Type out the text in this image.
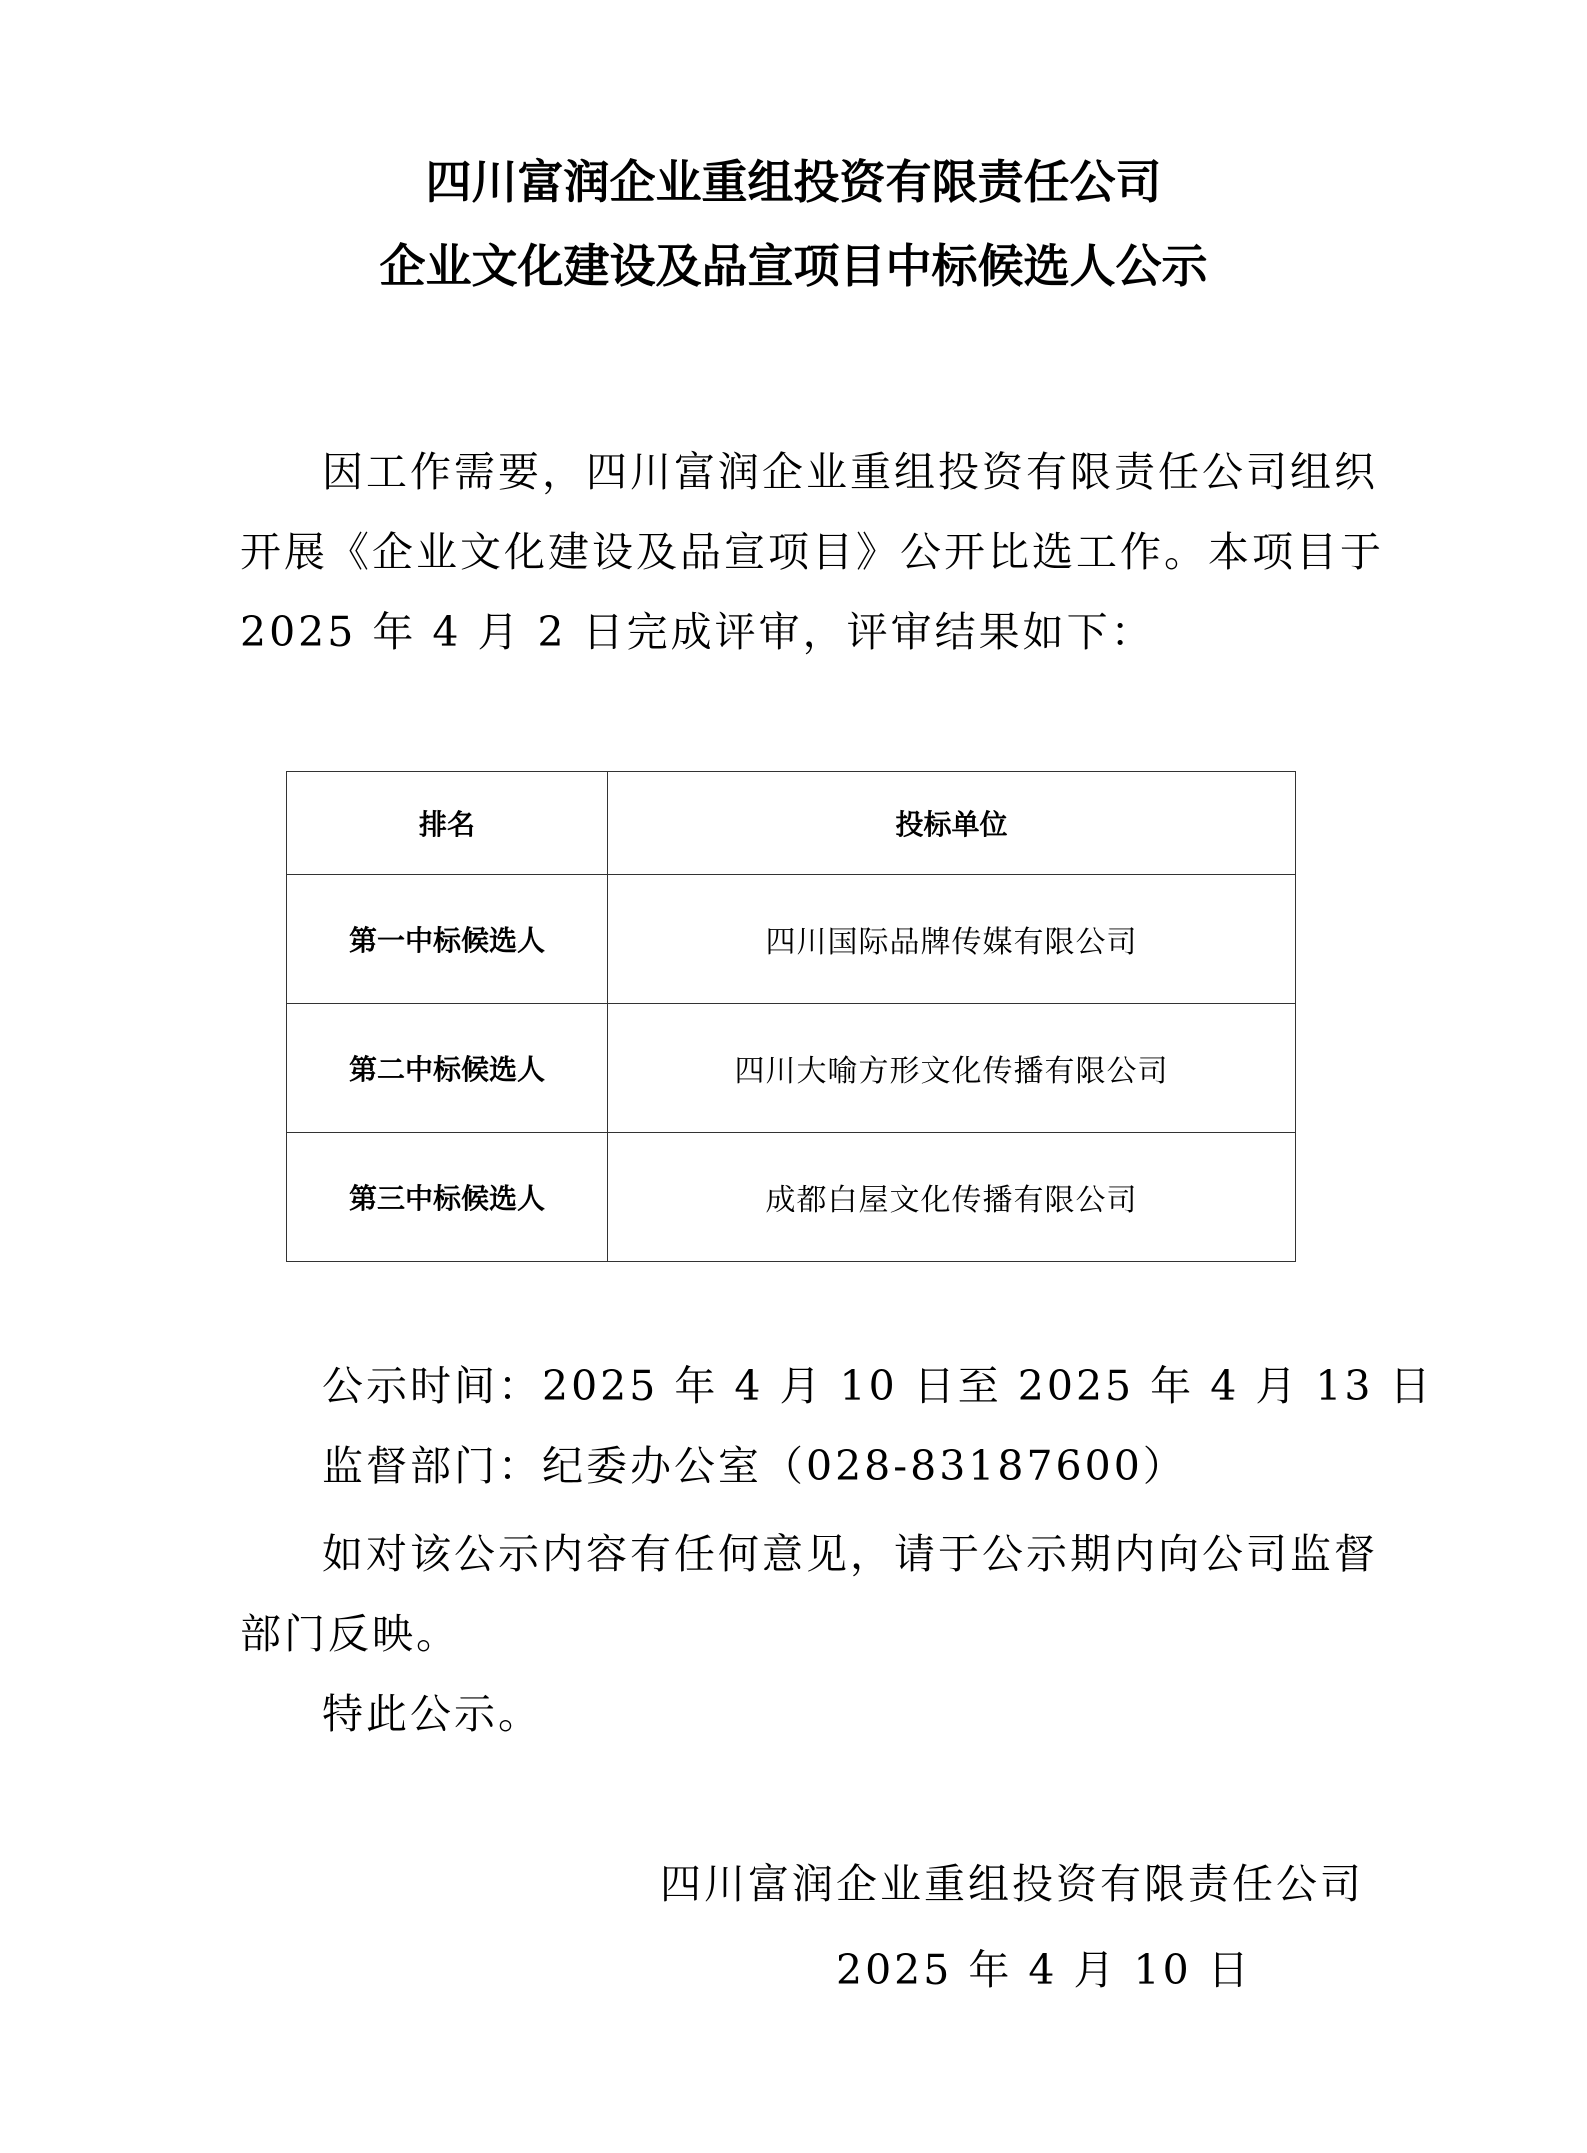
四川富润企业重组投资有限责任公司
企业文化建设及品宣项目中标候选人公示
因工作需要，四川富润企业重组投资有限责任公司组织
开展《企业文化建设及品宣项目》公开比选工作。本项目于
2025 年 4 月 2 日完成评审，评审结果如下：
排名	投标单位
第一中标候选人	四川国际品牌传媒有限公司
第二中标候选人	四川大喻方形文化传播有限公司
第三中标候选人	成都白屋文化传播有限公司
公示时间：2025 年 4 月 10 日至 2025 年 4 月 13 日
监督部门：纪委办公室（028-83187600）
如对该公示内容有任何意见，请于公示期内向公司监督
部门反映。
特此公示。
四川富润企业重组投资有限责任公司
2025 年 4 月 10 日
